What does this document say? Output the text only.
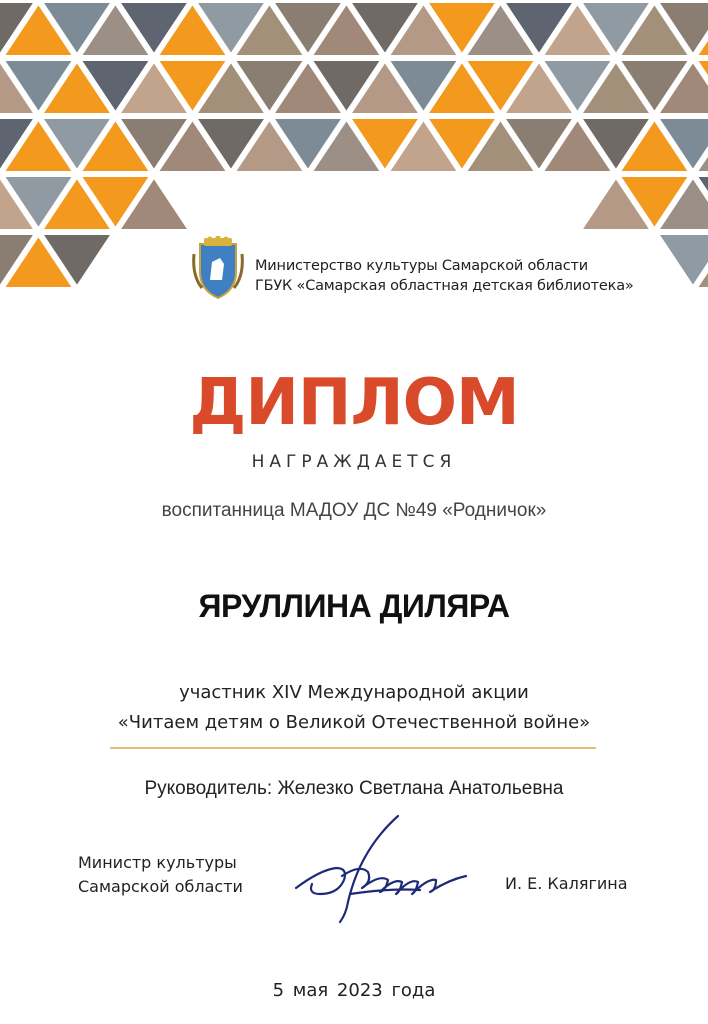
Министерство культуры Самарской области
ГБУК «Самарская областная детская библиотека»
ДИПЛОМ
НАГРАЖДАЕТСЯ
воспитанница МАДОУ ДС №49 «Родничок»
ЯРУЛЛИНА ДИЛЯРА
участник XIV Международной акции
«Читаем детям о Великой Отечественной войне»
Руководитель: Железко Светлана Анатольевна
Министр культуры
Самарской области	И. Е. Калягина
5 мая 2023 года
